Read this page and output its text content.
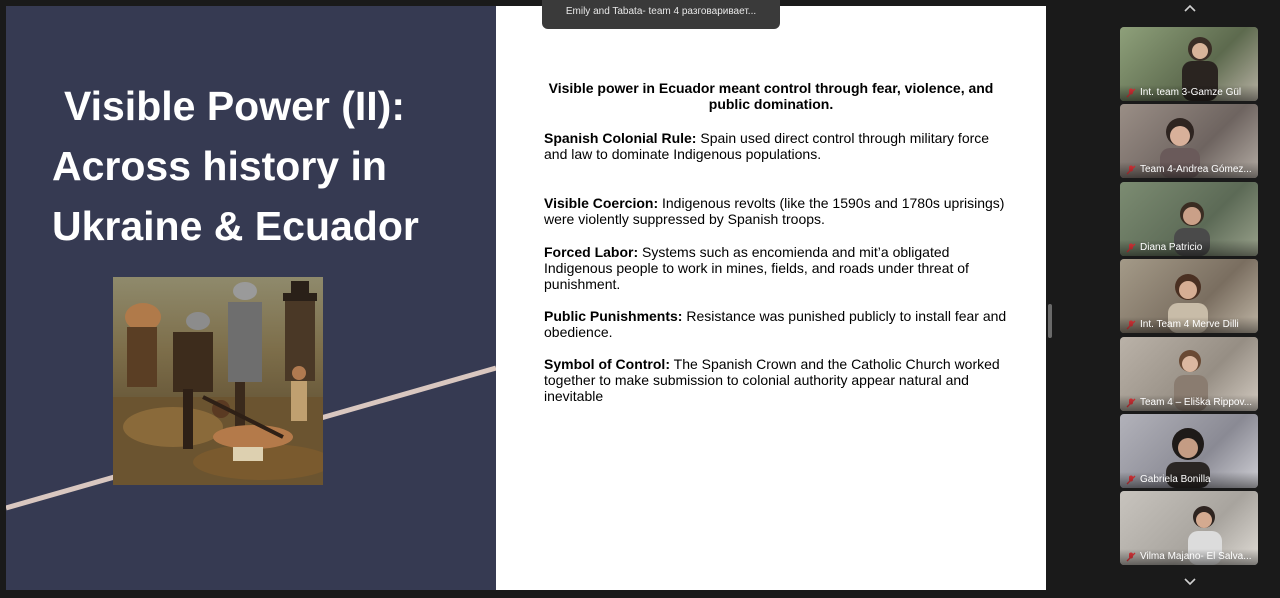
Visible Power (II):
Across history in
Ukraine & Ecuador
Visible power in Ecuador meant control through fear, violence, and public domination.
Spanish Colonial Rule: Spain used direct control through military force and law to dominate Indigenous populations.
Visible Coercion: Indigenous revolts (like the 1590s and 1780s uprisings) were violently suppressed by Spanish troops.
Forced Labor: Systems such as encomienda and mit’a obligated Indigenous people to work in mines, fields, and roads under threat of punishment.
Public Punishments: Resistance was punished publicly to install fear and obedience.
Symbol of Control: The Spanish Crown and the Catholic Church worked together to make submission to colonial authority appear natural and inevitable
Emily and Tabata- team 4 разговаривает...
Int. team 3-Gamze Gül
Team 4-Andrea Gómez...
Diana Patricio
Int. Team 4 Merve Dilli
Team 4 – Eliška Rippov...
Gabriela Bonilla
Vilma Majano- El Salva...
